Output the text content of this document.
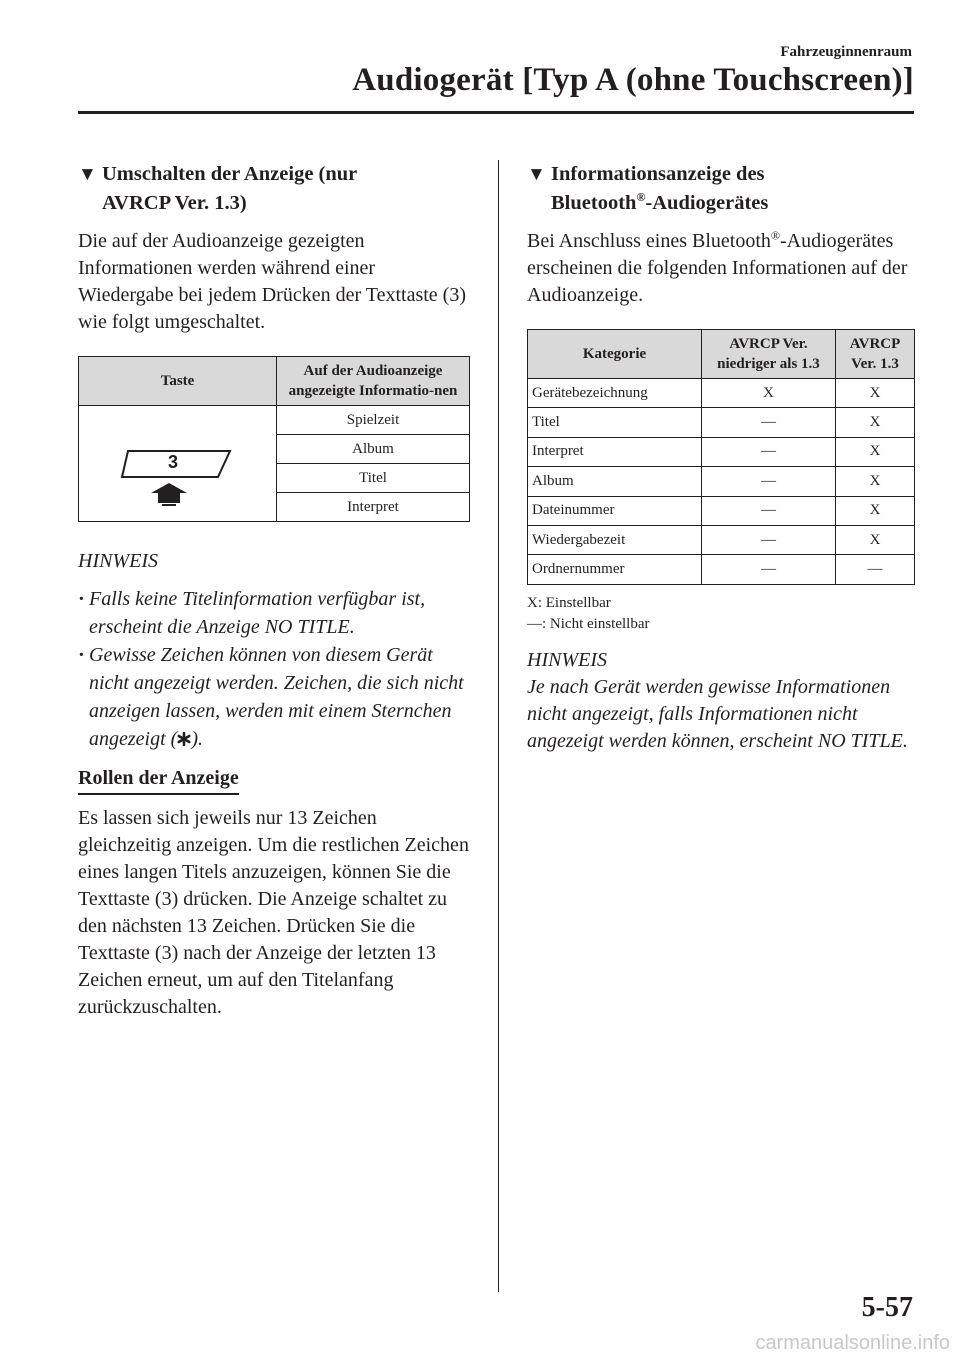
Fahrzeuginnenraum
Audiogerät [Typ A (ohne Touchscreen)]
▼ Umschalten der Anzeige (nur
AVRCP Ver. 1.3)

Die auf der Audioanzeige gezeigten Informationen werden während einer Wiedergabe bei jedem Drücken der Texttaste (3) wie folgt umgeschaltet.

Taste	Auf der Audioanzeige angezeigte Informatio-nen

3	Spielzeit
	Album
	Titel
	Interpret
HINWEIS
· Falls keine Titelinformation verfügbar ist, erscheint die Anzeige NO TITLE.
· Gewisse Zeichen können von diesem Gerät nicht angezeigt werden. Zeichen, die sich nicht anzeigen lassen, werden mit einem Sternchen angezeigt ( ).
Rollen der Anzeige

Es lassen sich jeweils nur 13 Zeichen gleichzeitig anzeigen. Um die restlichen Zeichen eines langen Titels anzuzeigen, können Sie die Texttaste (3) drücken. Die Anzeige schaltet zu den nächsten 13 Zeichen. Drücken Sie die Texttaste (3) nach der Anzeige der letzten 13 Zeichen erneut, um auf den Titelanfang zurückzuschalten.

▼ Informationsanzeige des
Bluetooth®-Audiogerätes

Bei Anschluss eines Bluetooth®-Audiogerätes erscheinen die folgenden Informationen auf der Audioanzeige.

Kategorie	AVRCP Ver. niedriger als 1.3	AVRCP Ver. 1.3
Gerätebezeichnung	X	X
Titel	—	X
Interpret	—	X
Album	—	X
Dateinummer	—	X
Wiedergabezeit	—	X
Ordnernummer	—	—
X: Einstellbar
—: Nicht einstellbar
HINWEIS

Je nach Gerät werden gewisse Informationen nicht angezeigt, falls Informationen nicht angezeigt werden können, erscheint NO TITLE.

5-57
carmanualsonline.info
